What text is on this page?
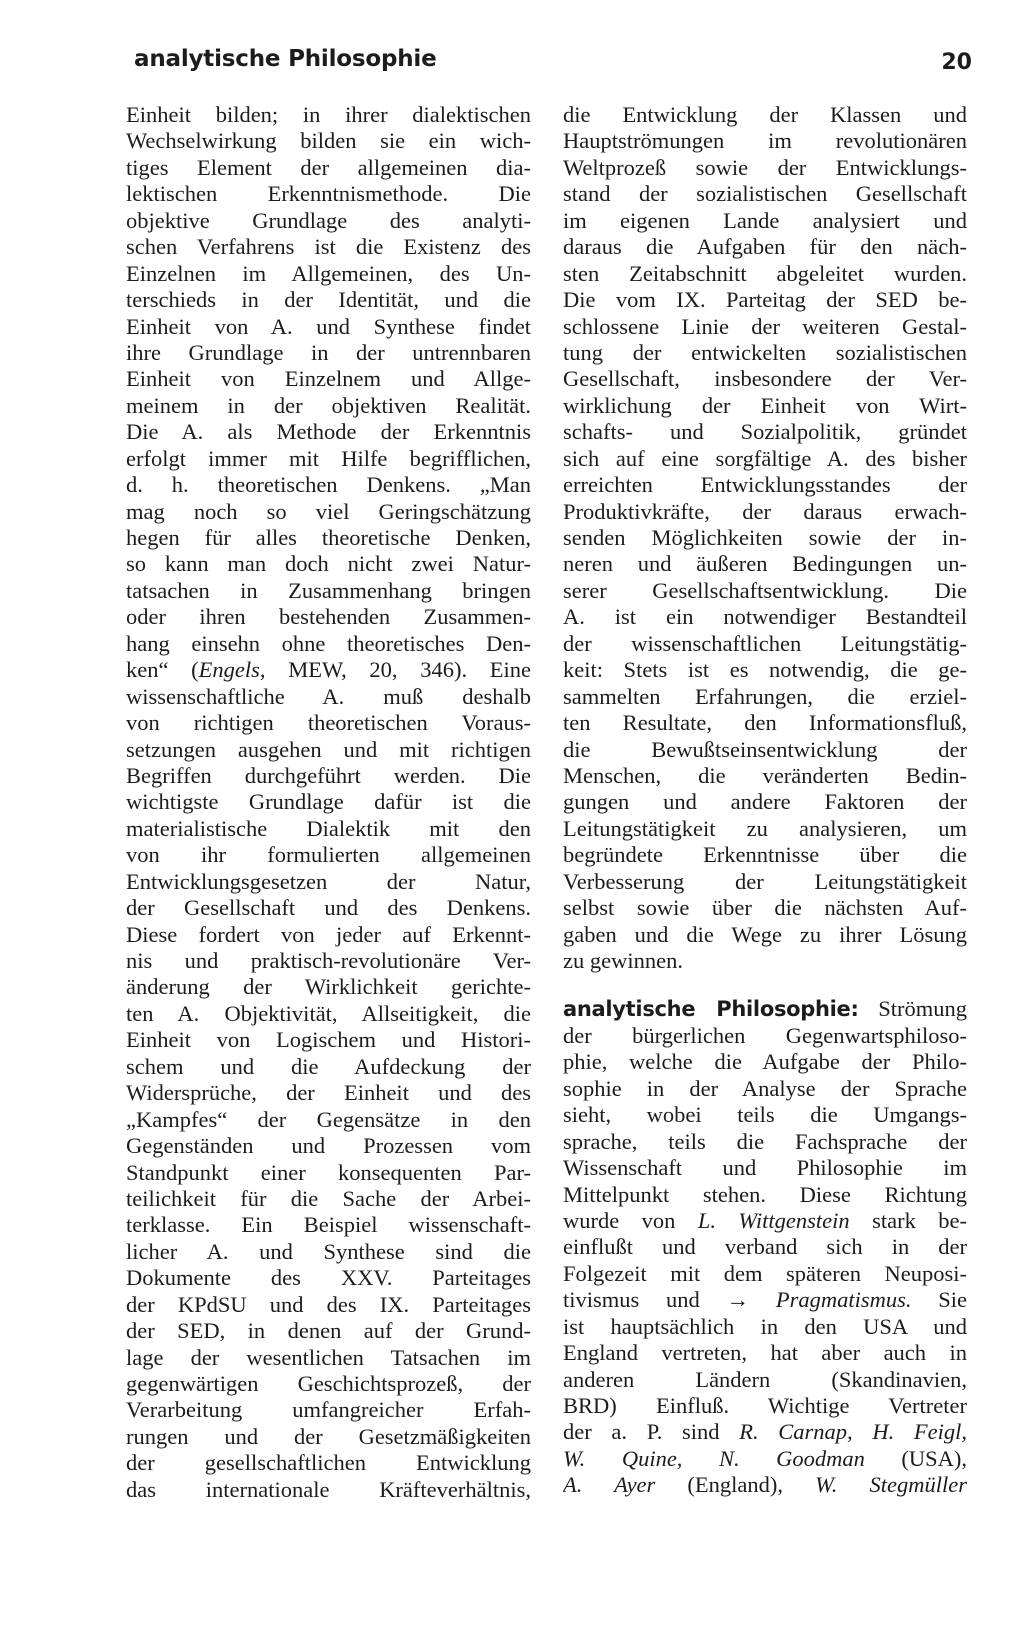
analytische Philosophie	20
Einheit bilden; in ihrer dialektischen
Wechselwirkung bilden sie ein wich-
tiges Element der allgemeinen dia-
lektischen Erkenntnismethode. Die
objektive Grundlage des analyti-
schen Verfahrens ist die Existenz des
Einzelnen im Allgemeinen, des Un-
terschieds in der Identität, und die
Einheit von A. und Synthese findet
ihre Grundlage in der untrennbaren
Einheit von Einzelnem und Allge-
meinem in der objektiven Realität.
Die A. als Methode der Erkenntnis
erfolgt immer mit Hilfe begrifflichen,
d. h. theoretischen Denkens. „Man
mag noch so viel Geringschätzung
hegen für alles theoretische Denken,
so kann man doch nicht zwei Natur-
tatsachen in Zusammenhang bringen
oder ihren bestehenden Zusammen-
hang einsehn ohne theoretisches Den-
ken“ (Engels, MEW, 20, 346). Eine
wissenschaftliche A. muß deshalb
von richtigen theoretischen Voraus-
setzungen ausgehen und mit richtigen
Begriffen durchgeführt werden. Die
wichtigste Grundlage dafür ist die
materialistische Dialektik mit den
von ihr formulierten allgemeinen
Entwicklungsgesetzen der Natur,
der Gesellschaft und des Denkens.
Diese fordert von jeder auf Erkennt-
nis und praktisch-revolutionäre Ver-
änderung der Wirklichkeit gerichte-
ten A. Objektivität, Allseitigkeit, die
Einheit von Logischem und Histori-
schem und die Aufdeckung der
Widersprüche, der Einheit und des
„Kampfes“ der Gegensätze in den
Gegenständen und Prozessen vom
Standpunkt einer konsequenten Par-
teilichkeit für die Sache der Arbei-
terklasse. Ein Beispiel wissenschaft-
licher A. und Synthese sind die
Dokumente des XXV. Parteitages
der KPdSU und des IX. Parteitages
der SED, in denen auf der Grund-
lage der wesentlichen Tatsachen im
gegenwärtigen Geschichtsprozeß, der
Verarbeitung umfangreicher Erfah-
rungen und der Gesetzmäßigkeiten
der gesellschaftlichen Entwicklung
das internationale Kräfteverhältnis,
die Entwicklung der Klassen und
Hauptströmungen im revolutionären
Weltprozeß sowie der Entwicklungs-
stand der sozialistischen Gesellschaft
im eigenen Lande analysiert und
daraus die Aufgaben für den näch-
sten Zeitabschnitt abgeleitet wurden.
Die vom IX. Parteitag der SED be-
schlossene Linie der weiteren Gestal-
tung der entwickelten sozialistischen
Gesellschaft, insbesondere der Ver-
wirklichung der Einheit von Wirt-
schafts- und Sozialpolitik, gründet
sich auf eine sorgfältige A. des bisher
erreichten Entwicklungsstandes der
Produktivkräfte, der daraus erwach-
senden Möglichkeiten sowie der in-
neren und äußeren Bedingungen un-
serer Gesellschaftsentwicklung. Die
A. ist ein notwendiger Bestandteil
der wissenschaftlichen Leitungstätig-
keit: Stets ist es notwendig, die ge-
sammelten Erfahrungen, die erziel-
ten Resultate, den Informationsfluß,
die Bewußtseinsentwicklung der
Menschen, die veränderten Bedin-
gungen und andere Faktoren der
Leitungstätigkeit zu analysieren, um
begründete Erkenntnisse über die
Verbesserung der Leitungstätigkeit
selbst sowie über die nächsten Auf-
gaben und die Wege zu ihrer Lösung
zu gewinnen.
analytische Philosophie: Strömung
der bürgerlichen Gegenwartsphiloso-
phie, welche die Aufgabe der Philo-
sophie in der Analyse der Sprache
sieht, wobei teils die Umgangs-
sprache, teils die Fachsprache der
Wissenschaft und Philosophie im
Mittelpunkt stehen. Diese Richtung
wurde von L. Wittgenstein stark be-
einflußt und verband sich in der
Folgezeit mit dem späteren Neuposi-
tivismus und → Pragmatismus. Sie
ist hauptsächlich in den USA und
England vertreten, hat aber auch in
anderen Ländern (Skandinavien,
BRD) Einfluß. Wichtige Vertreter
der a. P. sind R. Carnap, H. Feigl,
W. Quine, N. Goodman (USA),
A. Ayer (England), W. Stegmüller
